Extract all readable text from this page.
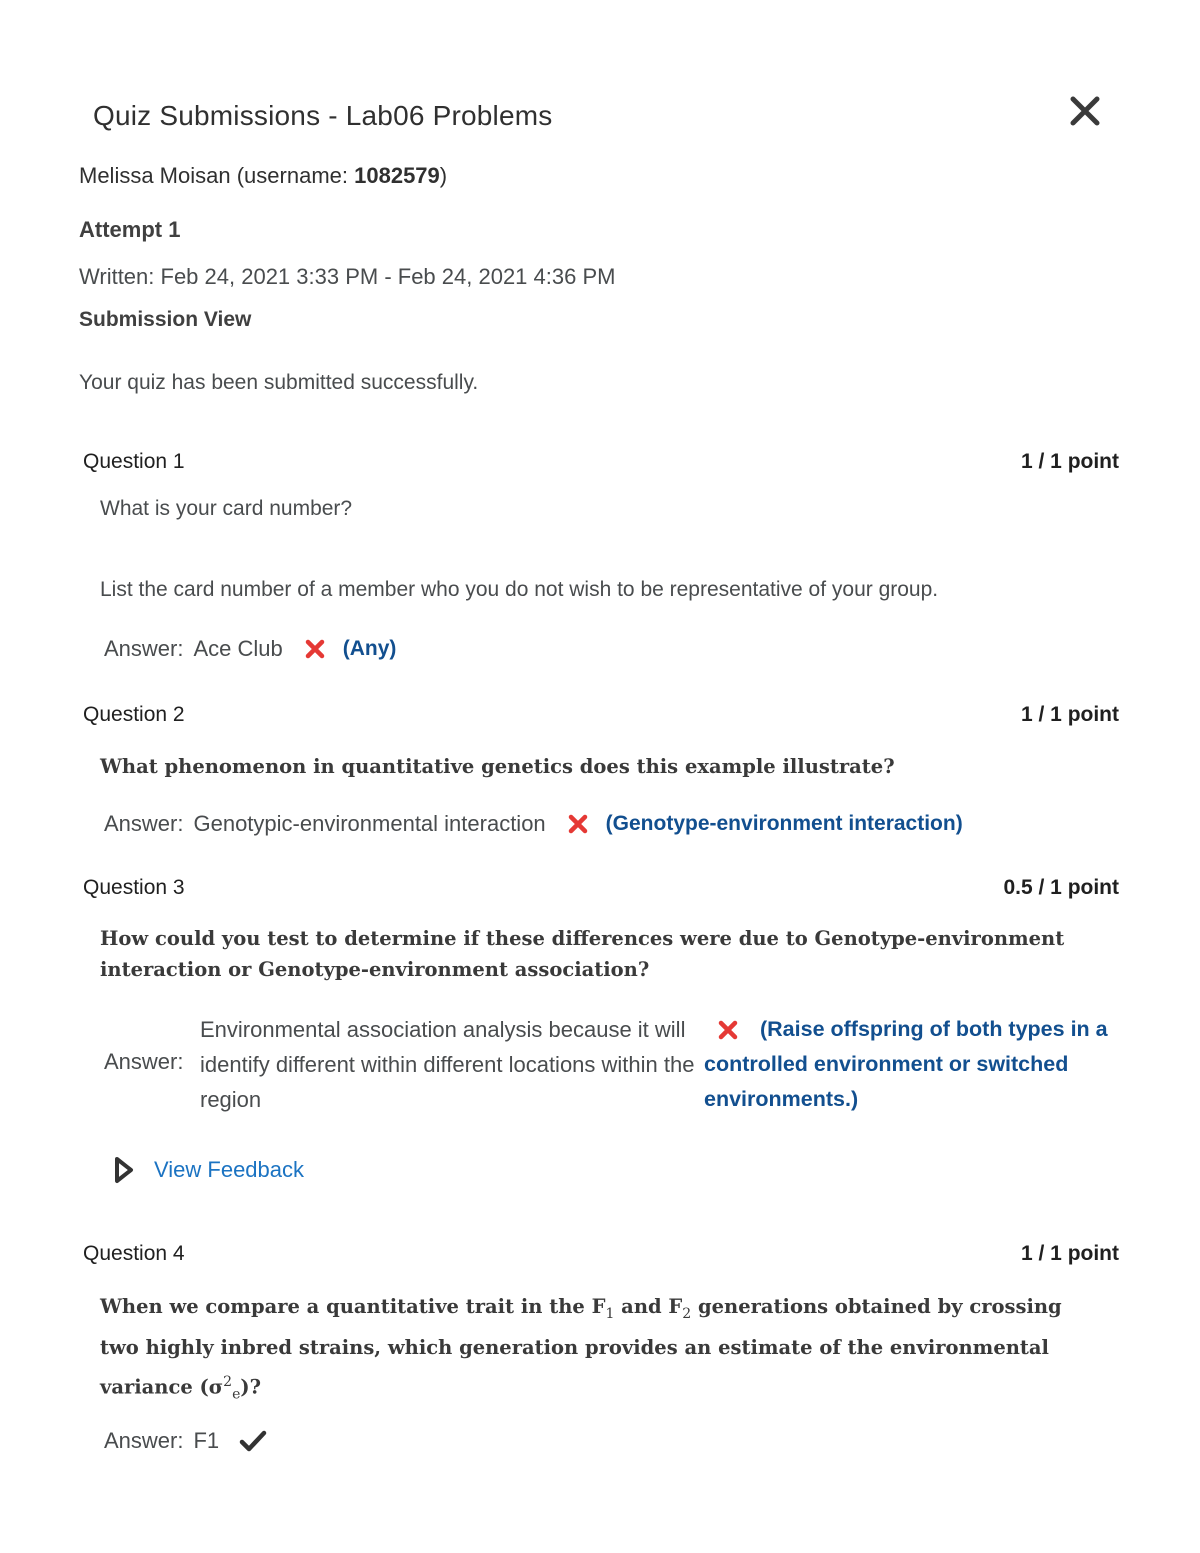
Quiz Submissions - Lab06 Problems
Melissa Moisan (username: 1082579)
Attempt 1
Written: Feb 24, 2021 3:33 PM - Feb 24, 2021 4:36 PM
Submission View
Your quiz has been submitted successfully.
Question 1	1 / 1 point
What is your card number?
List the card number of a member who you do not wish to be representative of your group.
Answer: Ace Club	(Any)
Question 2	1 / 1 point
What phenomenon in quantitative genetics does this example illustrate?
Answer: Genotypic-environmental interaction	(Genotype-environment interaction)
Question 3	0.5 / 1 point
How could you test to determine if these differences were due to Genotype-environment interaction or Genotype-environment association?
Answer:
Environmental association analysis because it will identify different within different locations within the region
(Raise offspring of both types in a controlled environment or switched environments.)
View Feedback
Question 4	1 / 1 point
When we compare a quantitative trait in the $F_1$ and $F_2$ generations obtained by crossing two highly inbred strains, which generation provides an estimate of the environmental variance $(\sigma^2_e)$?
Answer: F1
